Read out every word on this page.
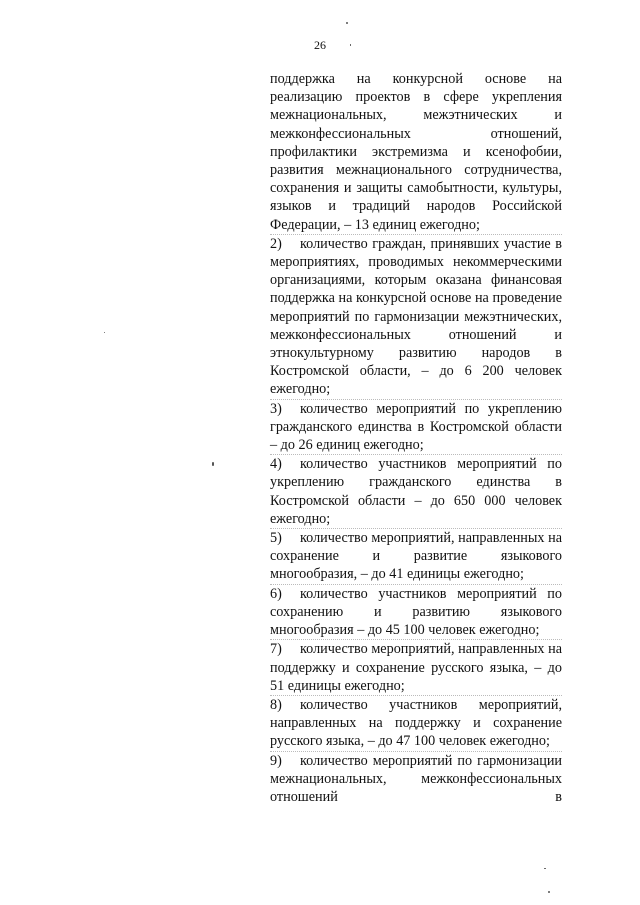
26

поддержка на конкурсной основе на реализацию проектов в сфере укрепления межнациональных, межэтнических и межконфессиональных отношений, профилактики экстремизма и ксенофобии, развития межнационального сотрудничества, сохранения и защиты самобытности, культуры, языков и традиций народов Российской Федерации, – 13 единиц ежегодно;

2) количество граждан, принявших участие в мероприятиях, проводимых некоммерческими организациями, которым оказана финансовая поддержка на конкурсной основе на проведение мероприятий по гармонизации межэтнических, межконфессиональных отношений и этнокультурному развитию народов в Костромской области, – до 6 200 человек ежегодно;

3) количество мероприятий по укреплению гражданского единства в Костромской области – до 26 единиц ежегодно;

4) количество участников мероприятий по укреплению гражданского единства в Костромской области – до 650 000 человек ежегодно;

5) количество мероприятий, направленных на сохранение и развитие языкового многообразия, – до 41 единицы ежегодно;

6) количество участников мероприятий по сохранению и развитию языкового многообразия – до 45 100 человек ежегодно;

7) количество мероприятий, направленных на поддержку и сохранение русского языка, – до 51 единицы ежегодно;

8) количество участников мероприятий, направленных на поддержку и сохранение русского языка, – до 47 100 человек ежегодно;

9) количество мероприятий по гармонизации межнациональных, межконфессиональных отношений в
